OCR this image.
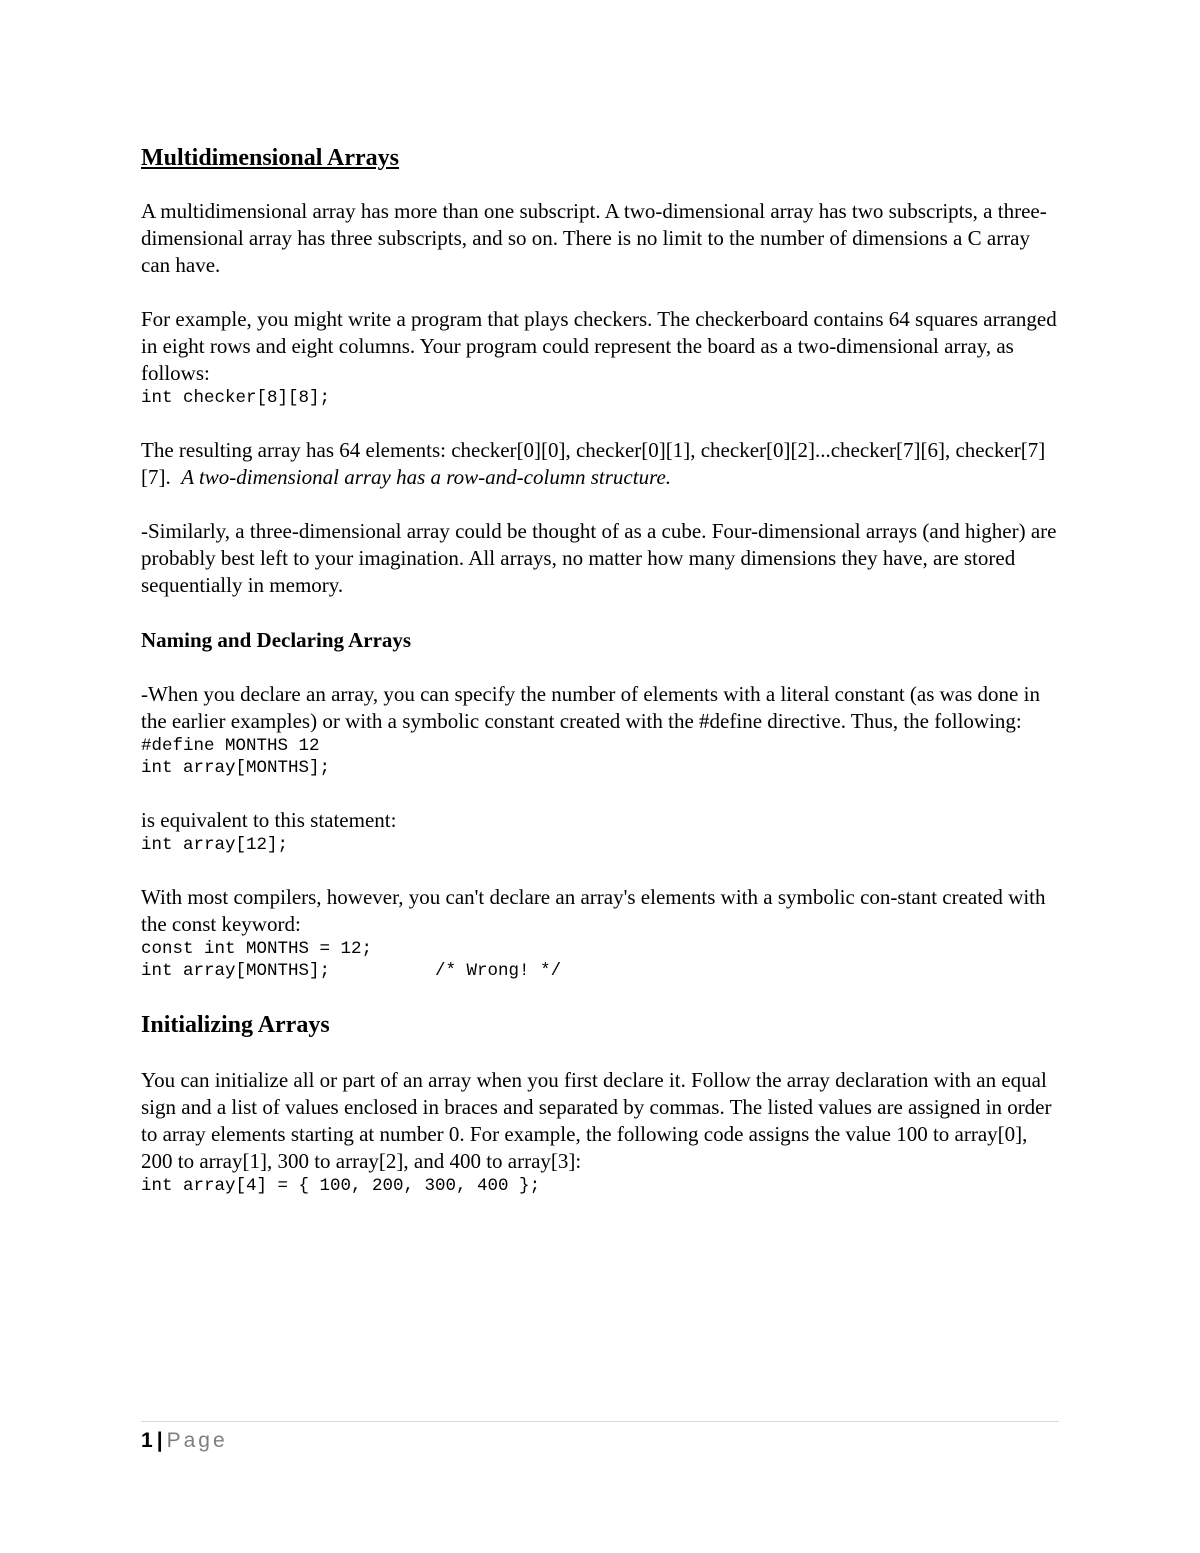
Multidimensional Arrays

A multidimensional array has more than one subscript. A two-dimensional array has two subscripts, a three-dimensional array has three subscripts, and so on. There is no limit to the number of dimensions a C array can have.

For example, you might write a program that plays checkers. The checkerboard contains 64 squares arranged in eight rows and eight columns. Your program could represent the board as a two-dimensional array, as follows:

int checker[8][8];

The resulting array has 64 elements: checker[0][0], checker[0][1], checker[0][2]...checker[7][6], checker[7][7]. A two-dimensional array has a row-and-column structure.

-Similarly, a three-dimensional array could be thought of as a cube. Four-dimensional arrays (and higher) are probably best left to your imagination. All arrays, no matter how many dimensions they have, are stored sequentially in memory.

Naming and Declaring Arrays

-When you declare an array, you can specify the number of elements with a literal constant (as was done in the earlier examples) or with a symbolic constant created with the #define directive. Thus, the following:

#define MONTHS 12
int array[MONTHS];

is equivalent to this statement:

int array[12];

With most compilers, however, you can't declare an array's elements with a symbolic con-stant created with the const keyword:

const int MONTHS = 12;
int array[MONTHS];          /* Wrong! */
Initializing Arrays

You can initialize all or part of an array when you first declare it. Follow the array declaration with an equal sign and a list of values enclosed in braces and separated by commas. The listed values are assigned in order to array elements starting at number 0. For example, the following code assigns the value 100 to array[0], 200 to array[1], 300 to array[2], and 400 to array[3]:

int array[4] = { 100, 200, 300, 400 };
1 | Page
